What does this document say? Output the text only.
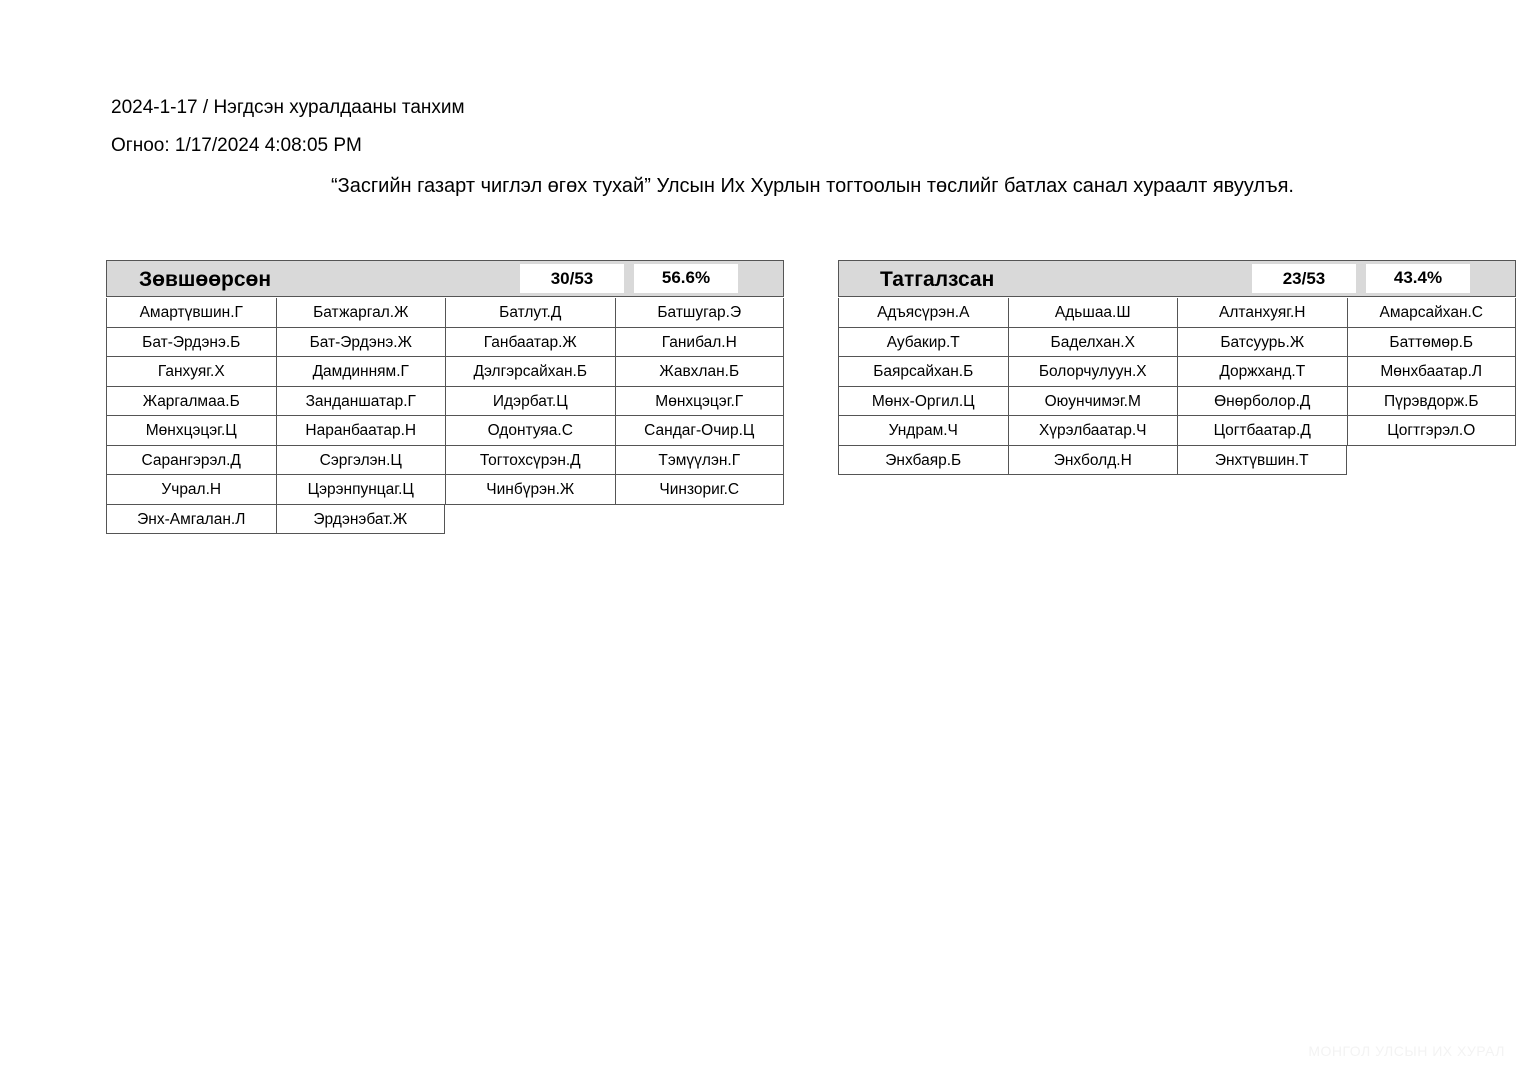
2024-1-17 / Нэгдсэн хуралдааны танхим
Огноо: 1/17/2024 4:08:05 PM
“Засгийн газарт чиглэл өгөх тухай” Улсын Их Хурлын тогтоолын төслийг батлах санал хураалт явуулъя.
Зөвшөөрсөн	30/53	56.6%
Амартүвшин.Г	Батжаргал.Ж	Батлут.Д	Батшугар.Э
Бат-Эрдэнэ.Б	Бат-Эрдэнэ.Ж	Ганбаатар.Ж	Ганибал.Н
Ганхуяг.Х	Дамдинням.Г	Дэлгэрсайхан.Б	Жавхлан.Б
Жаргалмаа.Б	Занданшатар.Г	Идэрбат.Ц	Мөнхцэцэг.Г
Мөнхцэцэг.Ц	Наранбаатар.Н	Одонтуяа.С	Сандаг-Очир.Ц
Сарангэрэл.Д	Сэргэлэн.Ц	Тогтохсүрэн.Д	Тэмүүлэн.Г
Учрал.Н	Цэрэнпунцаг.Ц	Чинбүрэн.Ж	Чинзориг.С
Энх-Амгалан.Л	Эрдэнэбат.Ж
Татгалзсан	23/53	43.4%
Адъясүрэн.А	Адьшаа.Ш	Алтанхуяг.Н	Амарсайхан.С
Аубакир.Т	Баделхан.Х	Батсуурь.Ж	Баттөмөр.Б
Баярсайхан.Б	Болорчулуун.Х	Доржханд.Т	Мөнхбаатар.Л
Мөнх-Оргил.Ц	Оюунчимэг.М	Өнөрболор.Д	Пүрэвдорж.Б
Ундрам.Ч	Хүрэлбаатар.Ч	Цогтбаатар.Д	Цогтгэрэл.О
Энхбаяр.Б	Энхболд.Н	Энхтүвшин.Т
МОНГОЛ УЛСЫН ИХ ХУРАЛ
